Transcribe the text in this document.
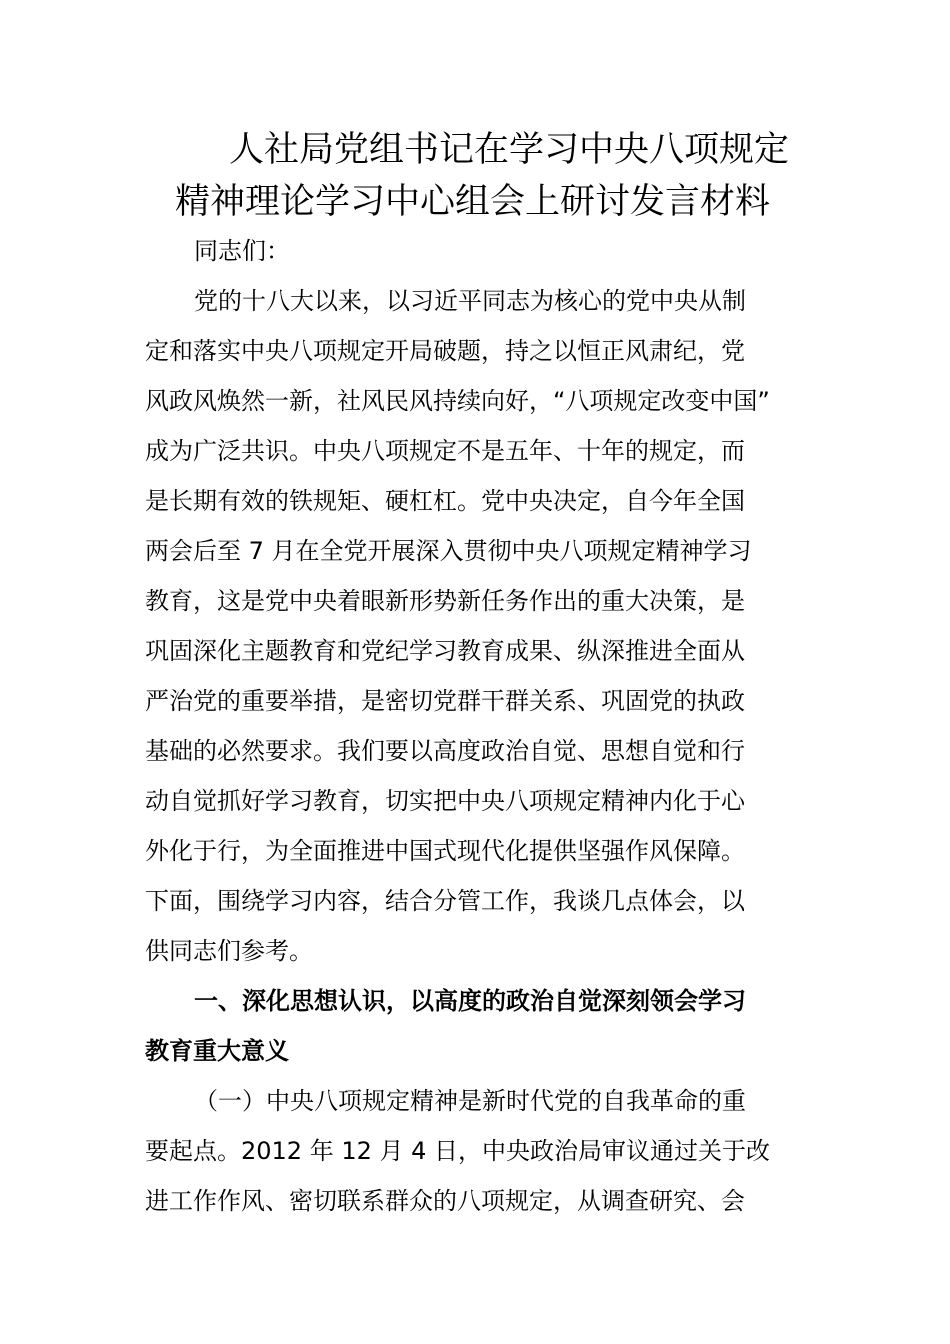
人社局党组书记在学习中央八项规定
精神理论学习中心组会上研讨发言材料
同志们：
党的十八大以来，以习近平同志为核心的党中央从制
定和落实中央八项规定开局破题，持之以恒正风肃纪，党
风政风焕然一新，社风民风持续向好，“八项规定改变中国”
成为广泛共识。中央八项规定不是五年、十年的规定，而
是长期有效的铁规矩、硬杠杠。党中央决定，自今年全国
两会后至 7 月在全党开展深入贯彻中央八项规定精神学习
教育，这是党中央着眼新形势新任务作出的重大决策，是
巩固深化主题教育和党纪学习教育成果、纵深推进全面从
严治党的重要举措，是密切党群干群关系、巩固党的执政
基础的必然要求。我们要以高度政治自觉、思想自觉和行
动自觉抓好学习教育，切实把中央八项规定精神内化于心
外化于行，为全面推进中国式现代化提供坚强作风保障。
下面，围绕学习内容，结合分管工作，我谈几点体会，以
供同志们参考。
一、深化思想认识，以高度的政治自觉深刻领会学习
教育重大意义
（一）中央八项规定精神是新时代党的自我革命的重
要起点。2012 年 12 月 4 日，中央政治局审议通过关于改
进工作作风、密切联系群众的八项规定，从调查研究、会
